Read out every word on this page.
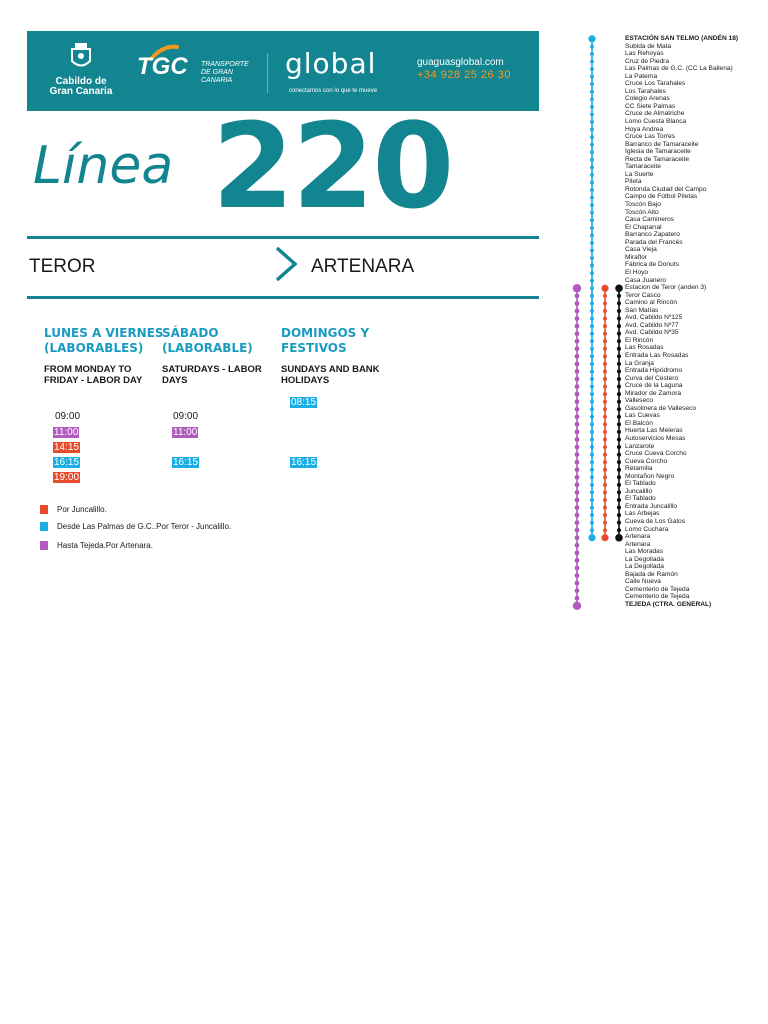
Cabildo de
Gran Canaria
TGC TRANSPORTE
DE GRAN CANARIA
global
conectamos con lo que te mueve
guaguasglobal.com
+34 928 25 26 30
Línea 220
TEROR	ARTENARA
LUNES A VIERNES
(LABORABLES)
SÁBADO
(LABORABLE)
DOMINGOS Y
FESTIVOS
FROM MONDAY TO
FRIDAY - LABOR DAY
SATURDAYS - LABOR
DAYS
SUNDAYS AND BANK
HOLIDAYS
09:00
11:00
14:15
16:15
19:00
09:00
11:00
16:15
08:15
16:15
Por Juncalillo.
Desde Las Palmas de G.C..Por Teror - Juncalillo.
Hasta Tejeda.Por Artenara.
ESTACIÓN SAN TELMO (ANDÉN 18)
Subida de Mata
Las Rehoyas
Cruz de Piedra
Las Palmas de G.C. (CC La Ballena)
La Paterna
Cruce Los Tarahales
Los Tarahales
Colegio Arenas
CC Siete Palmas
Cruce de Almatriche
Lomo Cuesta Blanca
Hoya Andrea
Cruce Las Torres
Barranco de Tamaraceite
Iglesia de Tamaraceite
Recta de Tamaraceite
Tamaraceite
La Suerte
Pileta
Rotonda Ciudad del Campo
Campo de Fútbol Piletas
Toscón Bajo
Toscón Alto
Casa Camineros
El Chaparral
Barranco Zapatero
Parada del Francés
Casa Vieja
Miraflor
Fábrica de Donuts
El Hoyo
Casa Juanero
Estacion de Teror (anden 3)
Teror Casco
Camino al Rincón
San Matías
Avd. Cabildo Nº125
Avd. Cabildo Nº77
Avd. Cabildo Nº35
El Rincón
Las Rosadas
Entrada Las Rosadas
La Granja
Entrada Hipódromo
Curva del Cestero
Cruce de la Laguna
Mirador de Zamora
Valleseco
Gasolinera de Valleseco
Las Cuevas
El Balcón
Huerta Las Meleras
Autoservicios Mesas
Lanzarote
Cruce Cueva Corcho
Cueva Corcho
Retamilla
Montañon Negro
El Tablado
Juncalillo
El Tablado
Entrada Juncalillo
Las Arbejas
Cueva de Los Gatos
Lomo Cuchara
Artenara
Artenara
Las Moradas
La Degollada
La Degollada
Bajada de Ramón
Calle Nueva
Cementerio de Tejeda
Cementerio de Tejeda
TEJEDA (CTRA. GENERAL)
